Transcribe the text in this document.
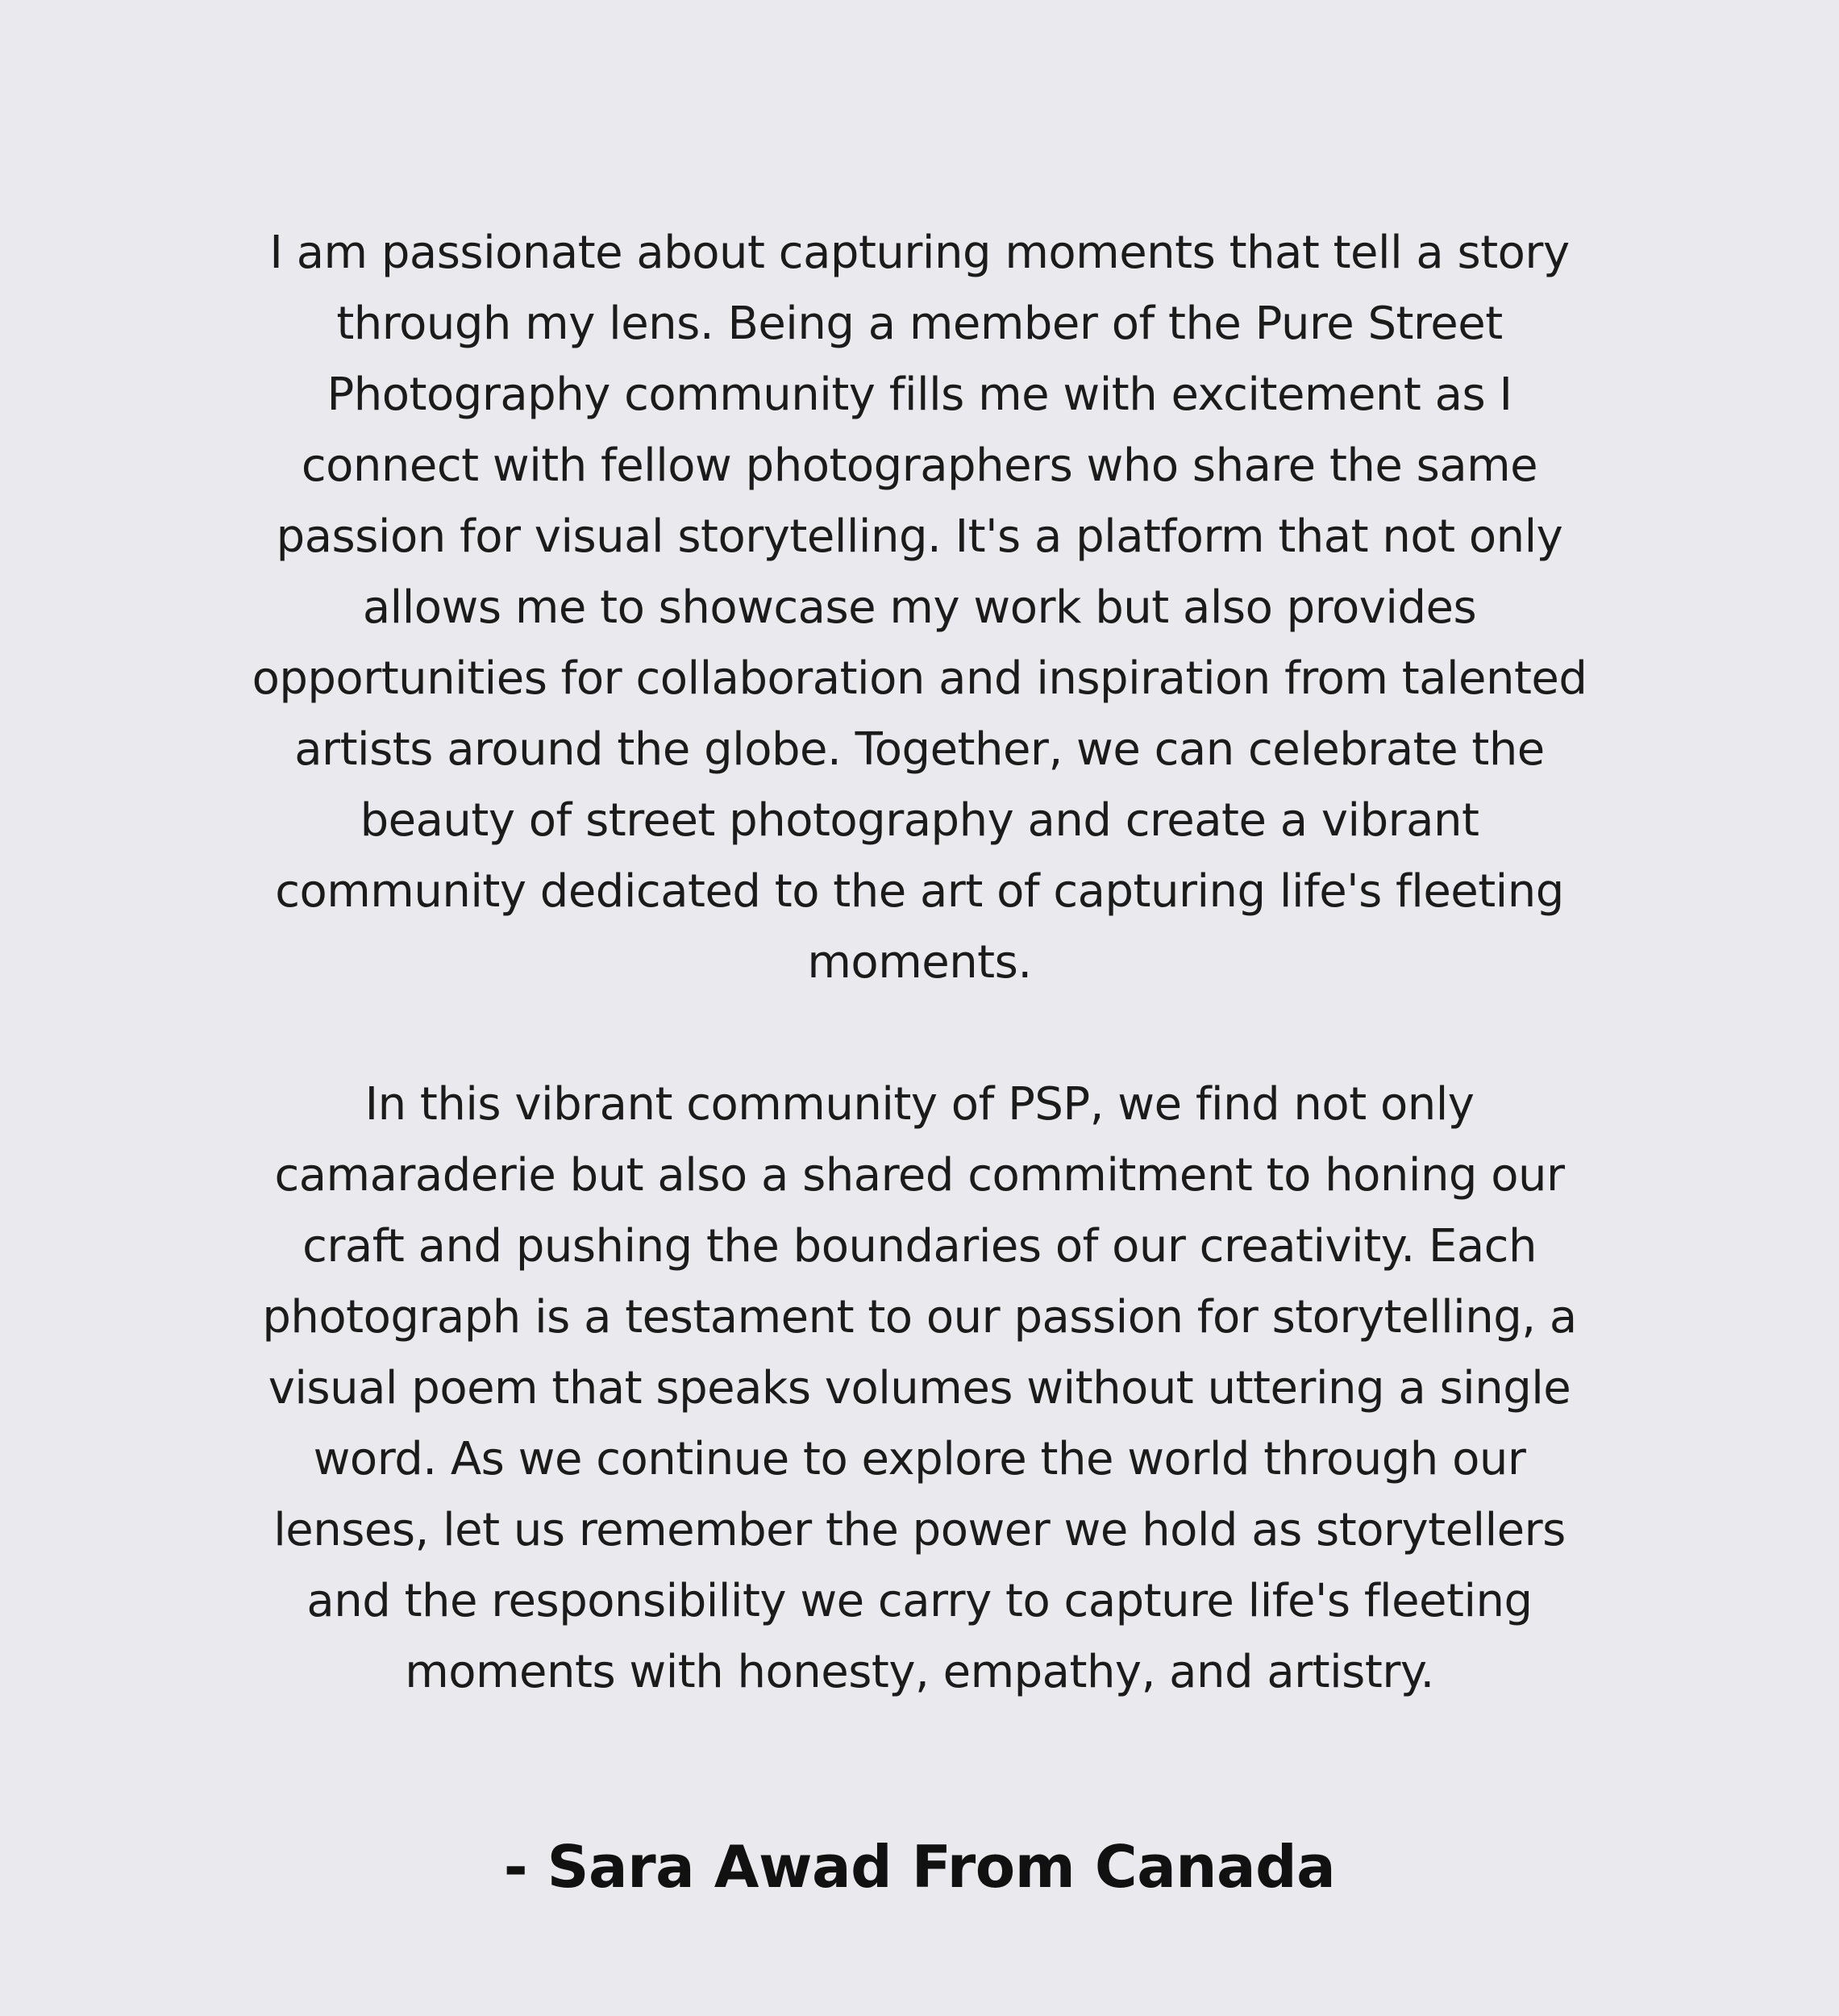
I am passionate about capturing moments that tell a story
through my lens. Being a member of the Pure Street
Photography community fills me with excitement as I
connect with fellow photographers who share the same
passion for visual storytelling. It's a platform that not only
allows me to showcase my work but also provides
opportunities for collaboration and inspiration from talented
artists around the globe. Together, we can celebrate the
beauty of street photography and create a vibrant
community dedicated to the art of capturing life's fleeting
moments.

In this vibrant community of PSP, we find not only
camaraderie but also a shared commitment to honing our
craft and pushing the boundaries of our creativity. Each
photograph is a testament to our passion for storytelling, a
visual poem that speaks volumes without uttering a single
word. As we continue to explore the world through our
lenses, let us remember the power we hold as storytellers
and the responsibility we carry to capture life's fleeting
moments with honesty, empathy, and artistry.

- Sara Awad From Canada
